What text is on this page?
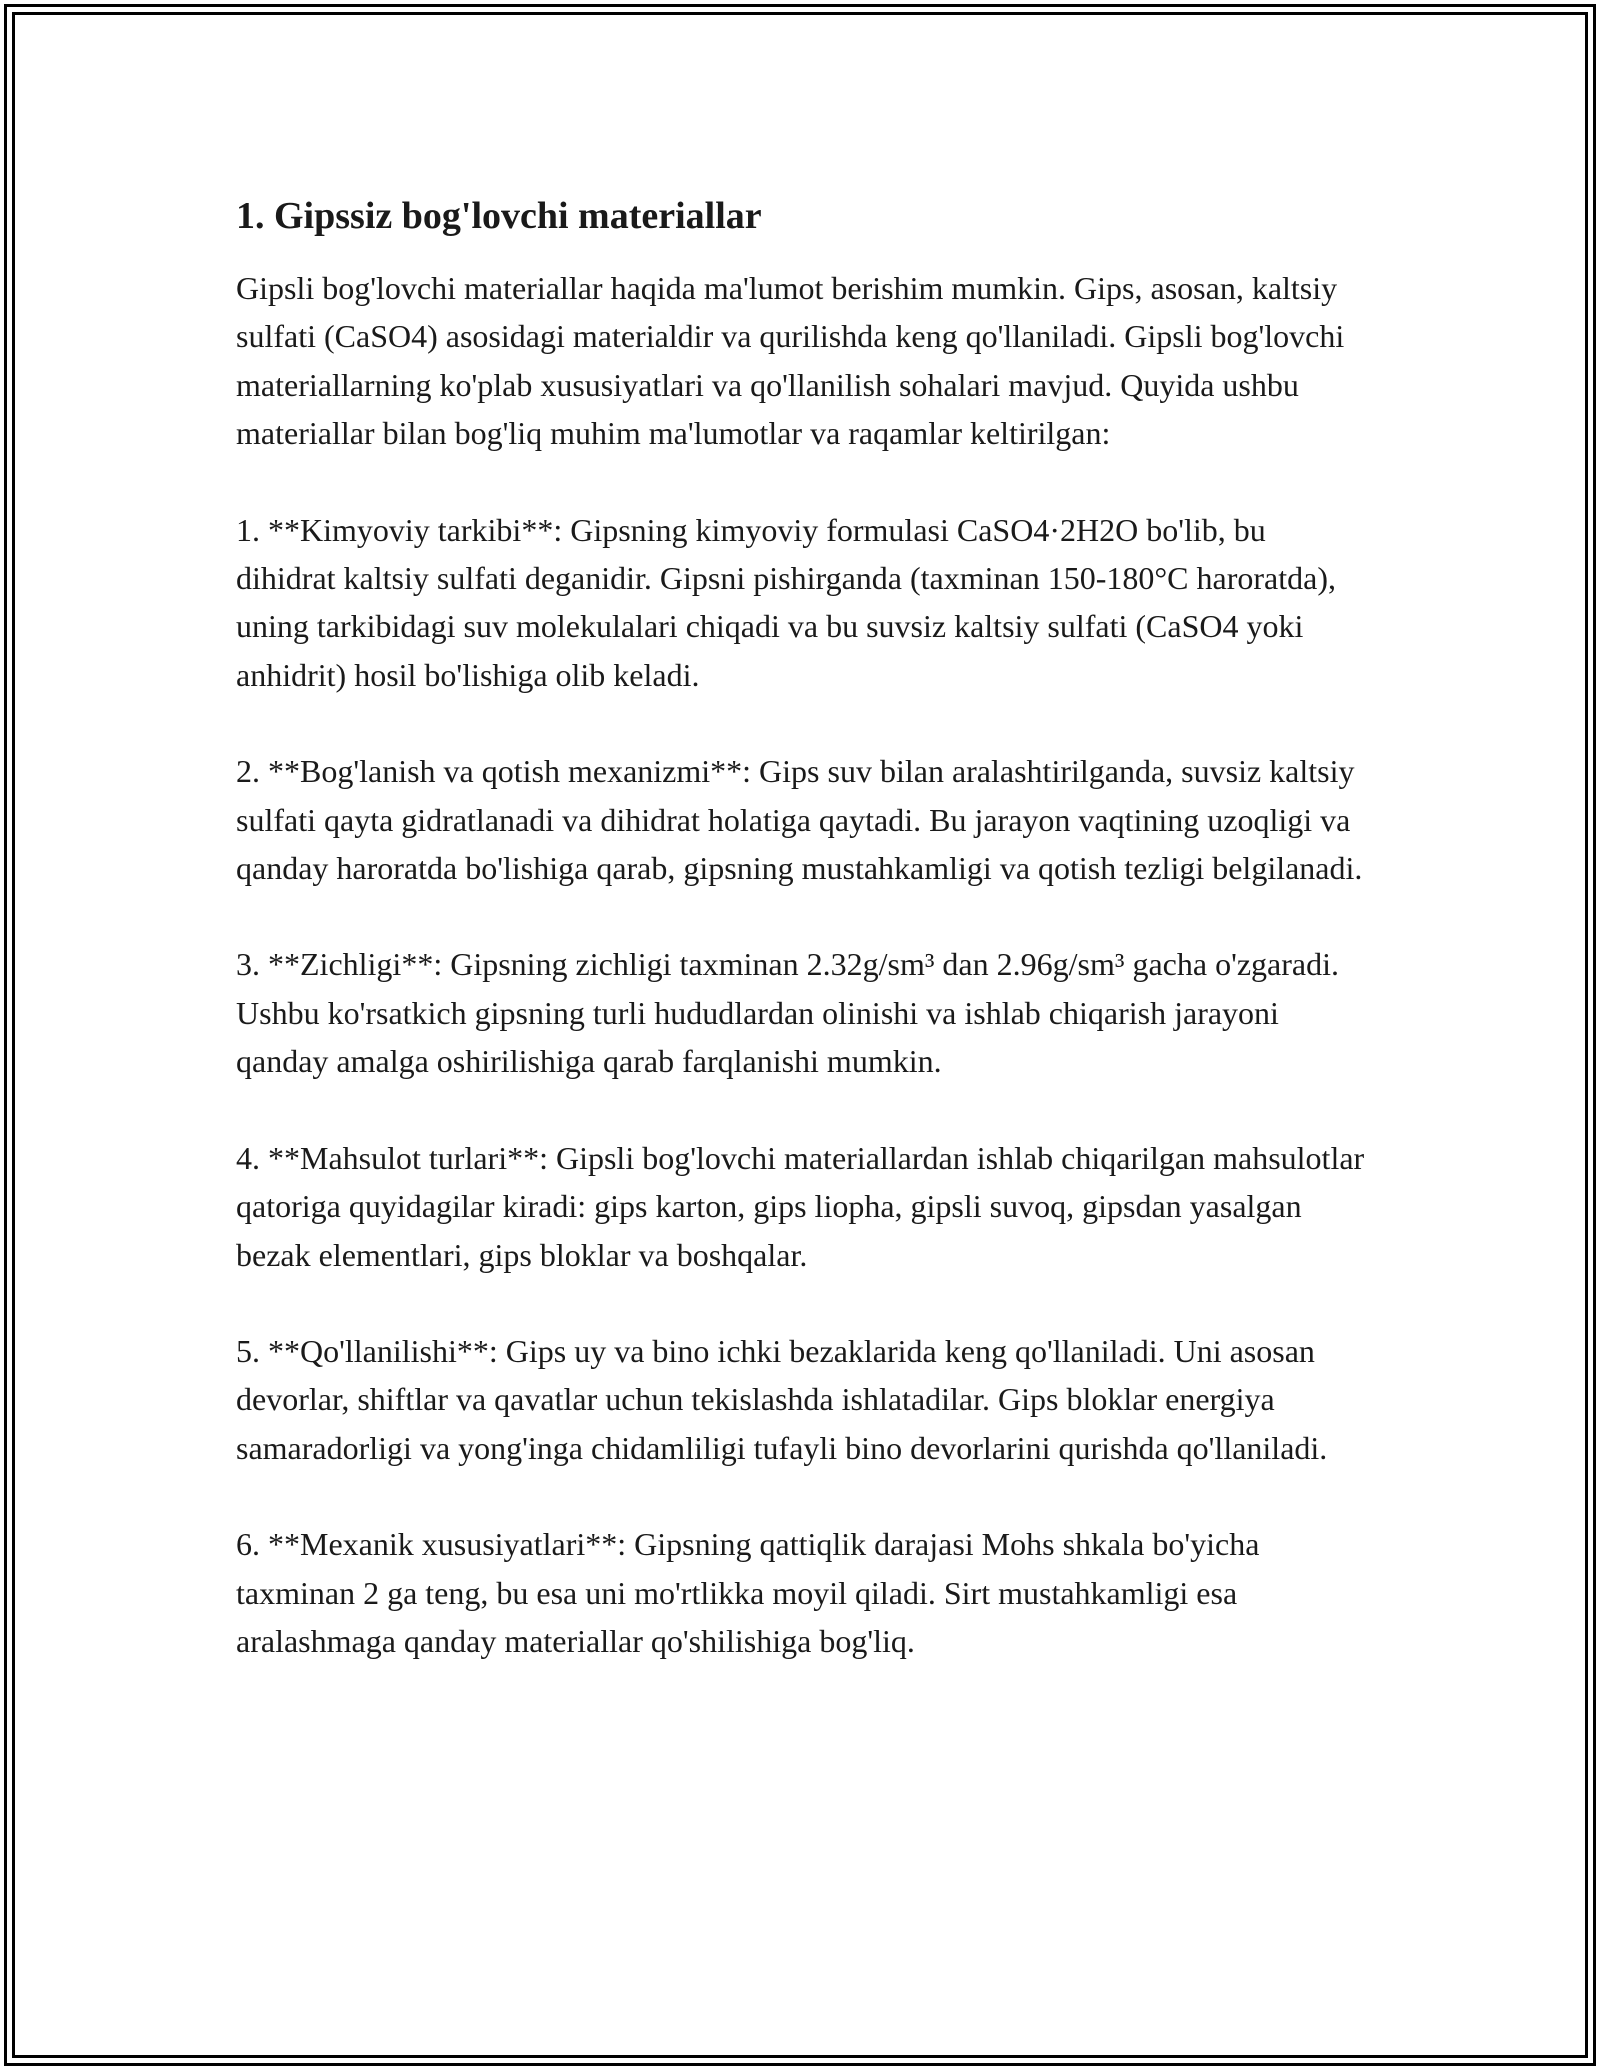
1. Gipssiz bog'lovchi materiallar

Gipsli bog'lovchi materiallar haqida ma'lumot berishim mumkin. Gips, asosan, kaltsiy sulfati (CaSO4) asosidagi materialdir va qurilishda keng qo'llaniladi. Gipsli bog'lovchi materiallarning ko'plab xususiyatlari va qo'llanilish sohalari mavjud. Quyida ushbu materiallar bilan bog'liq muhim ma'lumotlar va raqamlar keltirilgan:

1. **Kimyoviy tarkibi**: Gipsning kimyoviy formulasi CaSO4·2H2O bo'lib, bu dihidrat kaltsiy sulfati deganidir. Gipsni pishirganda (taxminan 150-180°C haroratda), uning tarkibidagi suv molekulalari chiqadi va bu suvsiz kaltsiy sulfati (CaSO4 yoki anhidrit) hosil bo'lishiga olib keladi.

2. **Bog'lanish va qotish mexanizmi**: Gips suv bilan aralashtirilganda, suvsiz kaltsiy sulfati qayta gidratlanadi va dihidrat holatiga qaytadi. Bu jarayon vaqtining uzoqligi va qanday haroratda bo'lishiga qarab, gipsning mustahkamligi va qotish tezligi belgilanadi.

3. **Zichligi**: Gipsning zichligi taxminan 2.32g/sm³ dan 2.96g/sm³ gacha o'zgaradi. Ushbu ko'rsatkich gipsning turli hududlardan olinishi va ishlab chiqarish jarayoni qanday amalga oshirilishiga qarab farqlanishi mumkin.

4. **Mahsulot turlari**: Gipsli bog'lovchi materiallardan ishlab chiqarilgan mahsulotlar qatoriga quyidagilar kiradi: gips karton, gips liopha, gipsli suvoq, gipsdan yasalgan bezak elementlari, gips bloklar va boshqalar.

5. **Qo'llanilishi**: Gips uy va bino ichki bezaklarida keng qo'llaniladi. Uni asosan devorlar, shiftlar va qavatlar uchun tekislashda ishlatadilar. Gips bloklar energiya samaradorligi va yong'inga chidamliligi tufayli bino devorlarini qurishda qo'llaniladi.

6. **Mexanik xususiyatlari**: Gipsning qattiqlik darajasi Mohs shkala bo'yicha taxminan 2 ga teng, bu esa uni mo'rtlikka moyil qiladi. Sirt mustahkamligi esa aralashmaga qanday materiallar qo'shilishiga bog'liq.
